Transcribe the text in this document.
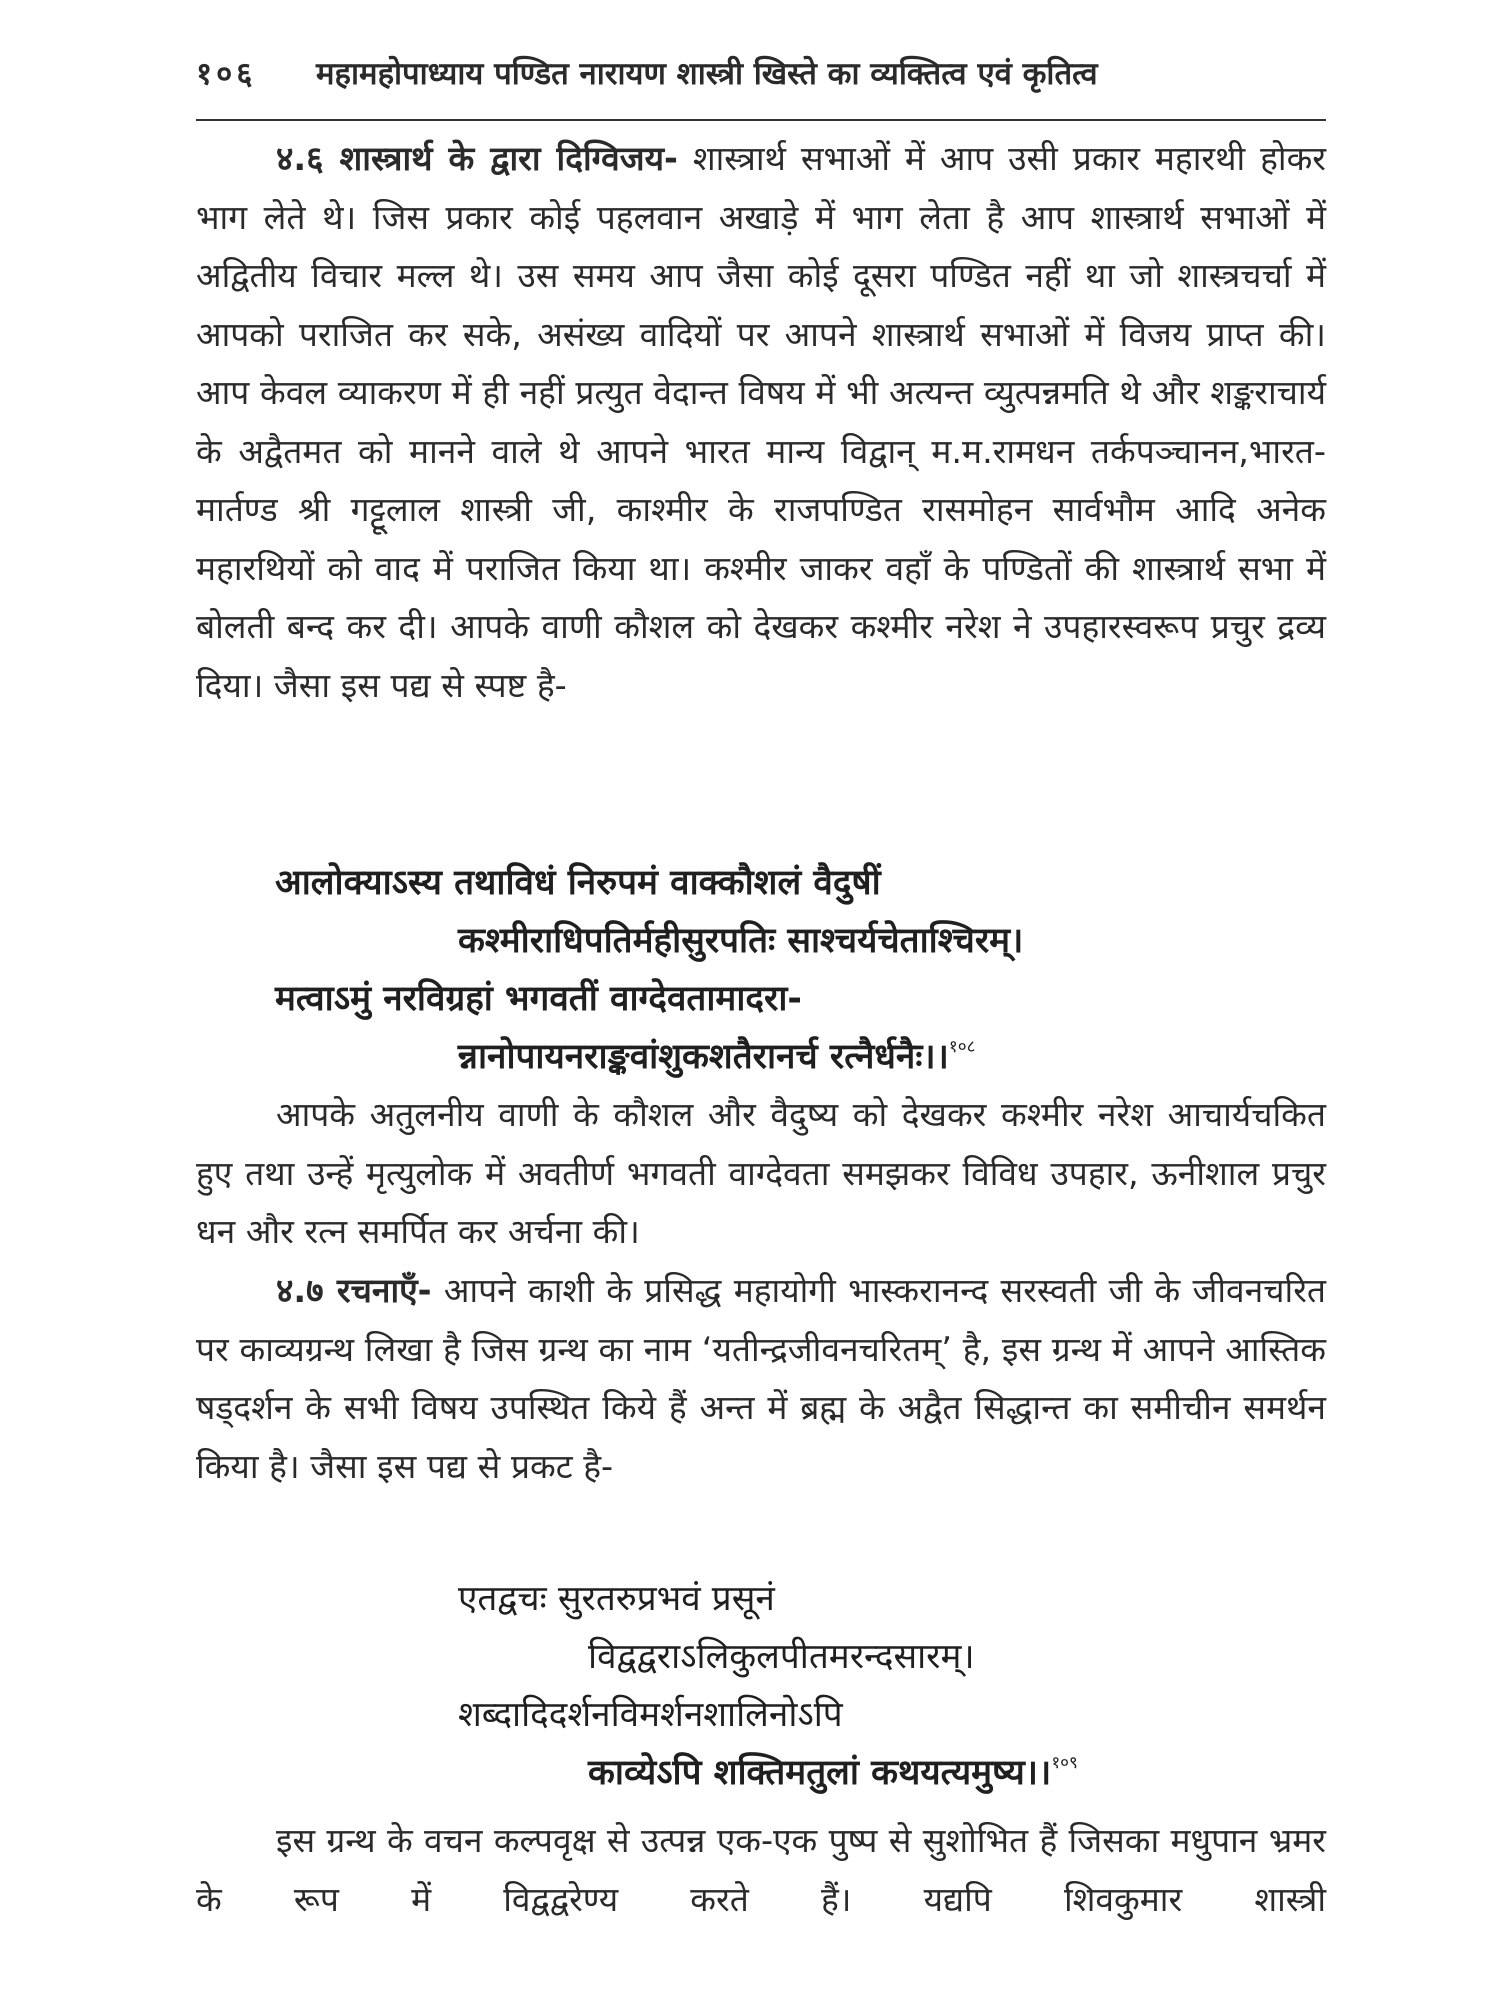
१०६ महामहोपाध्याय पण्डित नारायण शास्त्री खिस्ते का व्यक्तित्व एवं कृतित्व

४.६ शास्त्रार्थ के द्वारा दिग्विजय- शास्त्रार्थ सभाओं में आप उसी प्रकार महारथी होकर भाग लेते थे। जिस प्रकार कोई पहलवान अखाड़े में भाग लेता है आप शास्त्रार्थ सभाओं में अद्वितीय विचार मल्ल थे। उस समय आप जैसा कोई दूसरा पण्डित नहीं था जो शास्त्रचर्चा में आपको पराजित कर सके, असंख्य वादियों पर आपने शास्त्रार्थ सभाओं में विजय प्राप्त की। आप केवल व्याकरण में ही नहीं प्रत्युत वेदान्त विषय में भी अत्यन्त व्युत्पन्नमति थे और शङ्कराचार्य के अद्वैतमत को मानने वाले थे आपने भारत मान्य विद्वान् म.म.रामधन तर्कपञ्चानन,भारत- मार्तण्ड श्री गट्टूलाल शास्त्री जी, काश्मीर के राजपण्डित रासमोहन सार्वभौम आदि अनेक महारथियों को वाद में पराजित किया था। कश्मीर जाकर वहाँ के पण्डितों की शास्त्रार्थ सभा में बोलती बन्द कर दी। आपके वाणी कौशल को देखकर कश्मीर नरेश ने उपहारस्वरूप प्रचुर द्रव्य दिया। जैसा इस पद्य से स्पष्ट है-

आलोक्याऽस्य तथाविधं निरुपमं वाक्कौशलं वैदुषीं
कश्मीराधिपतिर्महीसुरपतिः साश्चर्यचेताश्चिरम्।
मत्वाऽमुं नरविग्रहां भगवतीं वाग्देवतामादरा-
न्नानोपायनराङ्कवांशुकशतैरानर्च रत्नैर्धनैः।।$^{१०८}$

आपके अतुलनीय वाणी के कौशल और वैदुष्य को देखकर कश्मीर नरेश आचार्यचकित हुए तथा उन्हें मृत्युलोक में अवतीर्ण भगवती वाग्देवता समझकर विविध उपहार, ऊनीशाल प्रचुर धन और रत्न समर्पित कर अर्चना की।

४.७ रचनाएँ- आपने काशी के प्रसिद्ध महायोगी भास्करानन्द सरस्वती जी के जीवनचरित पर काव्यग्रन्थ लिखा है जिस ग्रन्थ का नाम ‘यतीन्द्रजीवनचरितम्’ है, इस ग्रन्थ में आपने आस्तिक षड्दर्शन के सभी विषय उपस्थित किये हैं अन्त में ब्रह्म के अद्वैत सिद्धान्त का समीचीन समर्थन किया है। जैसा इस पद्य से प्रकट है-

एतद्वचः सुरतरुप्रभवं प्रसूनं
विद्वद्वराऽलिकुलपीतमरन्दसारम्।
शब्दादिदर्शनविमर्शनशालिनोऽपि
काव्येऽपि शक्तिमतुलां कथयत्यमुष्य।।$^{१०९}$

इस ग्रन्थ के वचन कल्पवृक्ष से उत्पन्न एक-एक पुष्प से सुशोभित हैं जिसका मधुपान भ्रमर के रूप में विद्वद्वरेण्य करते हैं। यद्यपि शिवकुमार शास्त्री
